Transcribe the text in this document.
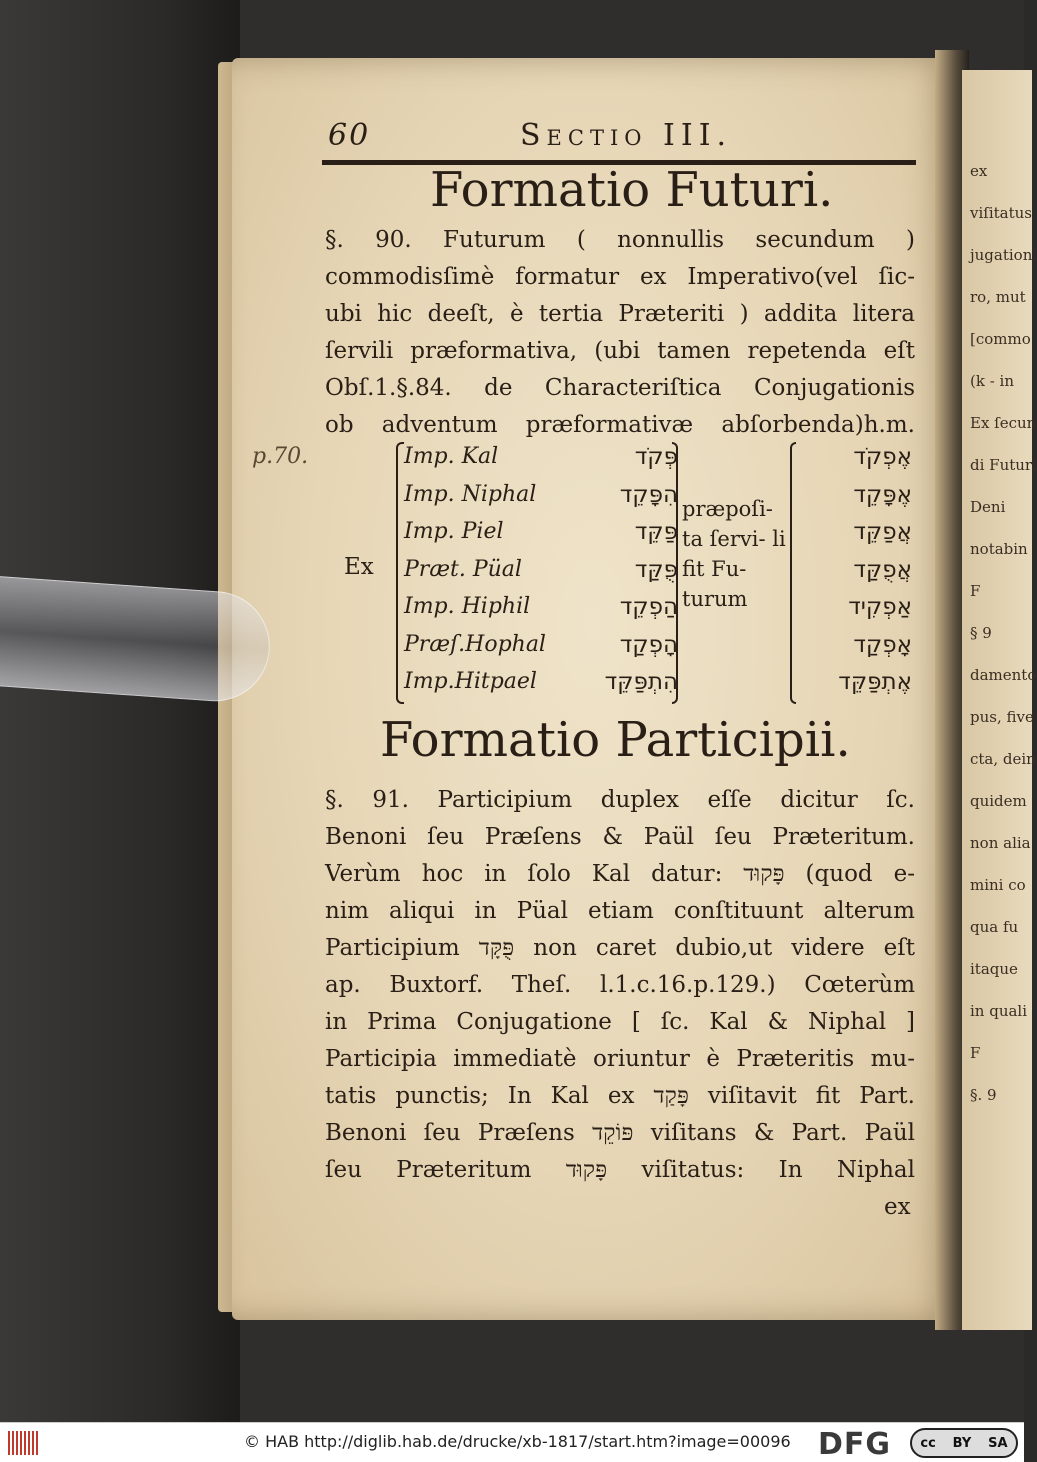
ex
viſitatus
jugationi
ro, mut
[commo
(k - in
Ex ſecun
di Futuri
Deni
notabin
F
§ 9
damento
pus, five
cta, dein
quidem
non alia
mini co
qua fu
itaque
in quali
F
§. 9
60	Sectio III.
Formatio Futuri.
§. 90. Futurum ( nonnullis secundum )
commodisſimè formatur ex Imperativo(vel ſic-
ubi hic deeſt, è tertia Præteriti ) addita litera
ſervili præformativa, (ubi tamen repetenda eſt
Obſ.1.§.84. de Characteriſtica Conjugationis
ob adventum præformativæ abſorbenda)h.m.
p.70.
Ex
præpoſi- ta ſervi- li fit Fu- turum
Imp. Kal	פְּקֹד	אֶפְקֹד
Imp. Niphal	הִפָּקֵד	אֶפָּקֵד
Imp. Piel	פַּקֵּד	אֲפַקֵּד
Præt. Püal	פֻּקַּד	אֲפֻקַּד
Imp. Hiphil	הַפְקֵד	אַפְקִיד
Præſ.Hophal	הָפְקַד	אָפְקַד
Imp.Hitpael	הִתְפַּקֵּד	אֶתְפַּקֵּד
Formatio Participii.
§. 91. Participium duplex eſſe dicitur ſc.
Benoni ſeu Præſens & Paül ſeu Præteritum.
Verùm hoc in ſolo Kal datur: פָּקוּד (quod e-
nim aliqui in Püal etiam conſtituunt alterum
Participium פֻּקָּד non caret dubio,ut videre eſt
ap. Buxtorf. Theſ. l.1.c.16.p.129.) Cœterùm
in Prima Conjugatione [ ſc. Kal & Niphal ]
Participia immediatè oriuntur è Præteritis mu-
tatis punctis; In Kal ex פָּקַד viſitavit fit Part.
Benoni ſeu Præſens פּוֹקֵד viſitans & Part. Paül
ſeu Præteritum פָּקוּד viſitatus: In Niphal
ex
© HAB http://diglib.hab.de/drucke/xb-1817/start.htm?image=00096 DFG cc BY SA
